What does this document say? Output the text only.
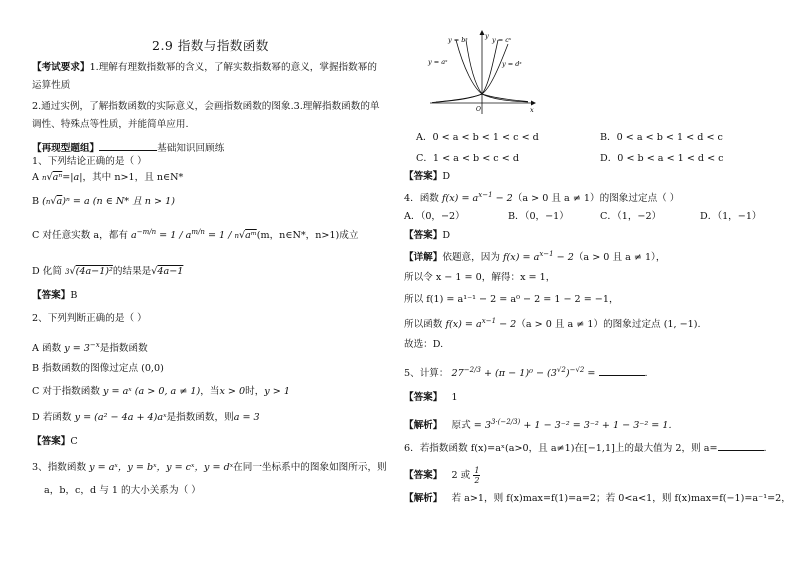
2.9 指数与指数函数
【考试要求】1.理解有理数指数幂的含义，了解实数指数幂的意义，掌握指数幂的
运算性质
2.通过实例，了解指数函数的实际意义，会画指数函数的图象.3.理解指数函数的单
调性、特殊点等性质，并能简单应用.
【再现型题组】	基础知识回顾练
1、下列结论正确的是（ ）
A n√aⁿ=|a|，其中 n>1，且 n∈N*
B (n√a)ⁿ = a (n ∈ N* 且 n > 1)
C 对任意实数 a，都有 $a^{-m/n} = 1 / a^{m/n} = 1$ / n√aᵐ(m，n∈N*，n>1)成立
D 化简 3√(4a−1)²的结果是√4a−1
【答案】B
2、下列判断正确的是（ ）
A 函数 $y = 3^{-x}$是指数函数
B 指数函数的图像过定点 (0,0)
C 对于指数函数 y = aˣ (a > 0, a ≠ 1)，当x > 0时，y > 1
D 若函数 y = (a² − 4a + 4)aˣ是指数函数，则a = 3
【答案】C
3、指数函数 y = aˣ，y = bˣ，y = cˣ，y = dˣ在同一坐标系中的图象如图所示，则
a，b，c，d 与 1 的大小关系为（ ）
y = bˣ	y = cˣ
y = aˣ	y = dˣ
y
x
O
A．0 < a < b < 1 < c < d	B．0 < a < b < 1 < d < c
C．1 < a < b < c < d	D．0 < b < a < 1 < d < c
【答案】D
4．函数 $f(x) = a^{x-1} - 2(a > 0$ 且 a ≠ 1）的图象过定点（ ）
A．（0，−2）	B．（0，−1）	C．（1，−2）	D．（1，−1）
【答案】D
【详解】依题意，因为 $f(x) = a^{x-1} - 2(a > 0$ 且 a ≠ 1），
所以令 x − 1 = 0，解得：x = 1，
所以 f(1) = a¹⁻¹ − 2 = a⁰ − 2 = 1 − 2 = −1，
所以函数 $f(x) = a^{x-1} - 2(a > 0$ 且 a ≠ 1）的图象过定点 (1, −1).
故选：D.
5、计算： $27^{-2/3} + (\pi - 1)^0 - (3^{√2})^{-√2}$ =	.
【答案】 1
【解析】 原式 = $3^{3\cdot(-2/3)} + 1 - 3^{-2} = 3^{-2} + 1 - 3^{-2} = 1$.
6．若指数函数 f(x)=aˣ(a>0，且 a≠1)在[−1,1]上的最大值为 2，则 a=	.
【答案】 2 或 1
2
【解析】 若 a>1，则 f(x)max=f(1)=a=2；若 0<a<1，则 f(x)max=f(−1)=a⁻¹=2，
